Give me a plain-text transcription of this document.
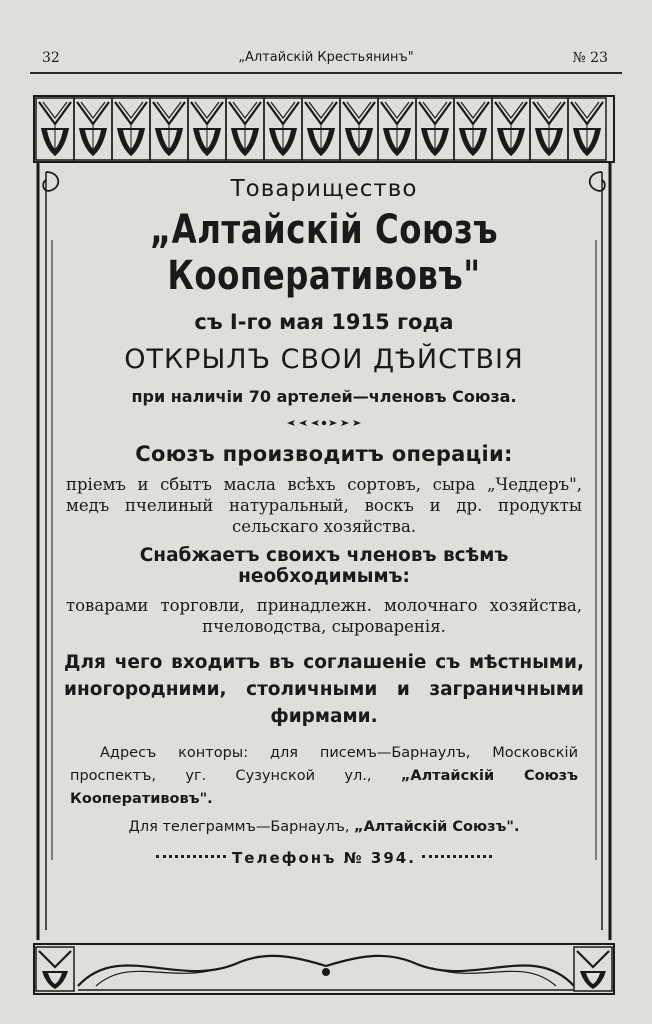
32	„Алтайскiй Крестьянинъ"	№ 23
Товарищество
„Алтайскiй Союзъ Кооперативовъ"
съ I-го мая 1915 года
ОТКРЫЛЪ СВОИ ДѢЙСТВIЯ
при наличiи 70 артелей—членовъ Союза.
Союзъ производитъ операцiи:
прiемъ и сбытъ масла всѣхъ сортовъ, сыра „Чеддеръ", медъ пчелиный натуральный, воскъ и др. продукты сельскаго хозяйства.
Снабжаетъ своихъ членовъ всѣмъ необходимымъ:
товарами торговли, принадлежн. молочнаго хозяйства, пчеловодства, сыроваренiя.
Для чего входитъ въ соглашенiе съ мѣстными, иногородними, столичными и заграничными фирмами.
Адресъ конторы: для писемъ—Барнаулъ, Московскiй проспектъ, уг. Сузунской ул., „Алтайскiй Союзъ Кооперативовъ".
Для телеграммъ—Барнаулъ, „Алтайскiй Союзъ".
Телефонъ № 394.
